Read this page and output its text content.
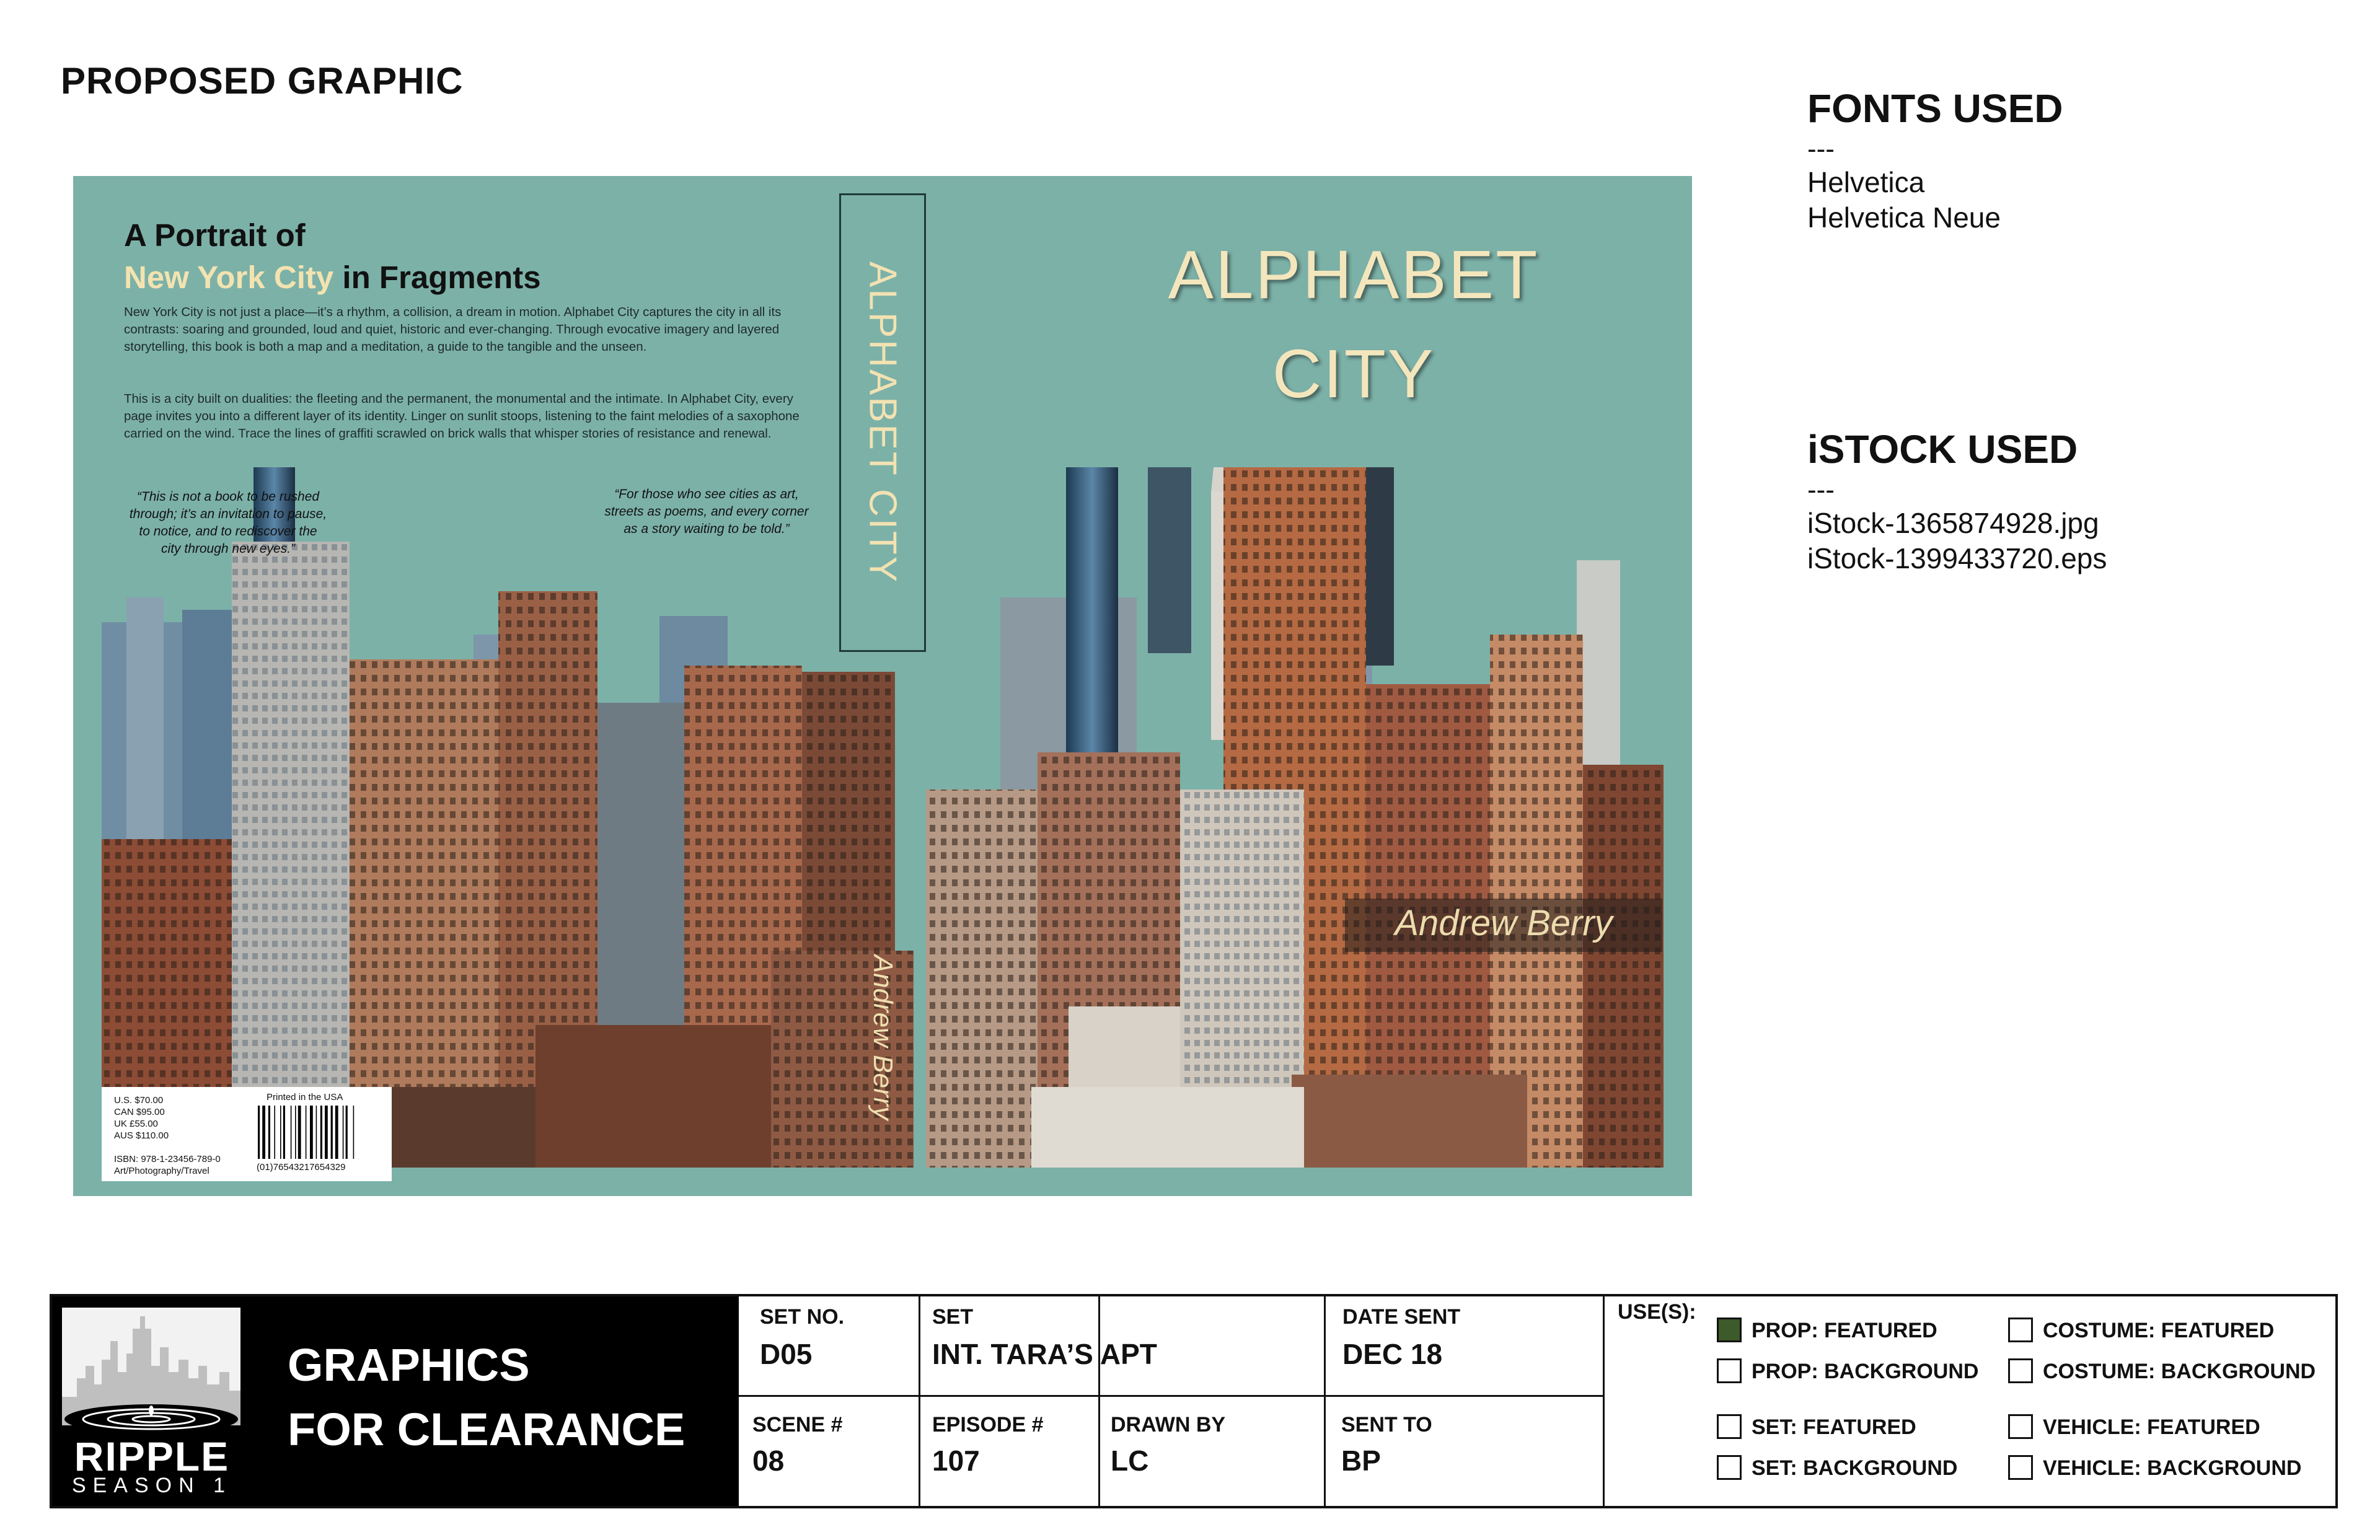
PROPOSED GRAPHIC
FONTS USED
---
Helvetica
Helvetica Neue
iSTOCK USED
---
iStock-1365874928.jpg
iStock-1399433720.eps
A Portrait of
New York City in Fragments
New York City is not just a place—it’s a rhythm, a collision, a dream in motion. Alphabet City captures the city in all its contrasts: soaring and grounded, loud and quiet, historic and ever-changing. Through evocative imagery and layered storytelling, this book is both a map and a meditation, a guide to the tangible and the unseen.
This is a city built on dualities: the fleeting and the permanent, the monumental and the intimate. In Alphabet City, every page invites you into a different layer of its identity. Linger on sunlit stoops, listening to the faint melodies of a saxophone carried on the wind. Trace the lines of graffiti scrawled on brick walls that whisper stories of resistance and renewal.
“This is not a book to be rushed through; it’s an invitation to pause, to notice, and to rediscover the city through new eyes.”
“For those who see cities as art, streets as poems, and every corner as a story waiting to be told.”	ALPHABET CITY
Andrew Berry
ALPHABET
CITY
Andrew Berry
U.S. $70.00
CAN $95.00
UK £55.00
AUS $110.00
ISBN: 978-1-23456-789-0
Art/Photography/Travel
Printed in the USA
(01)76543217654329
RIPPLE
SEASON 1
GRAPHICS
FOR CLEARANCE
SET NO.
D05
SET
INT. TARA’S APT
DATE SENT
DEC 18
SCENE #
08
EPISODE #
107
DRAWN BY
LC
SENT TO
BP
USE(S):
PROP: FEATURED
PROP: BACKGROUND
SET: FEATURED
SET: BACKGROUND
COSTUME: FEATURED
COSTUME: BACKGROUND
VEHICLE: FEATURED
VEHICLE: BACKGROUND
